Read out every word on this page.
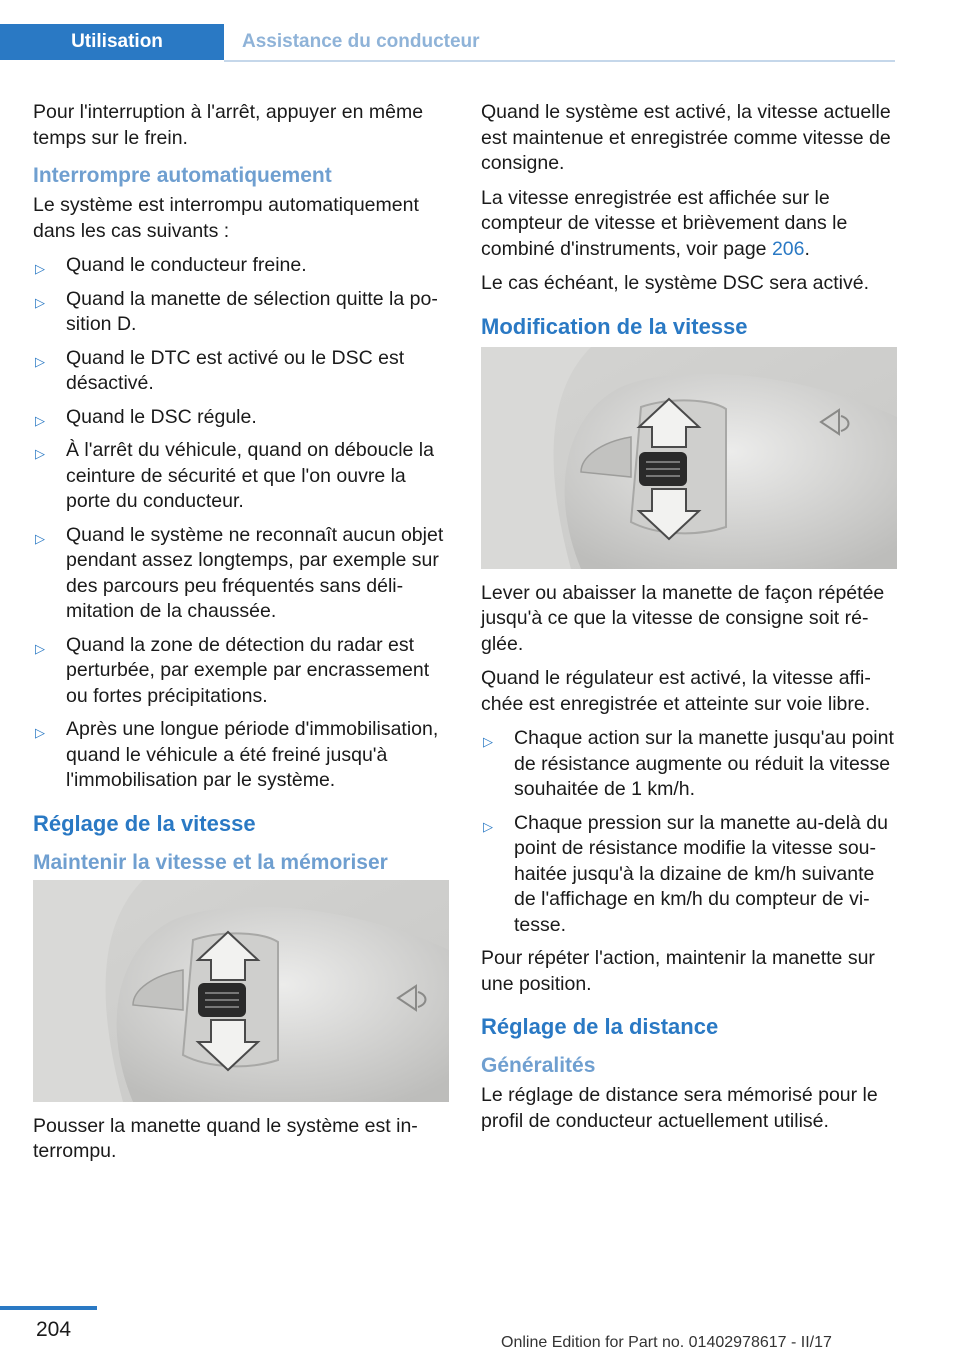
Utilisation	Assistance du conducteur

Pour l'interruption à l'arrêt, appuyer en même temps sur le frein.

Interrompre automatiquement

Le système est interrompu automatiquement dans les cas suivants :

▷ Quand le conducteur freine.
▷ Quand la manette de sélection quitte la position D.
▷ Quand le DTC est activé ou le DSC est désactivé.
▷ Quand le DSC régule.
▷ À l'arrêt du véhicule, quand on déboucle la ceinture de sécurité et que l'on ouvre la porte du conducteur.
▷ Quand le système ne reconnaît aucun objet pendant assez longtemps, par exemple sur des parcours peu fréquentés sans délimitation de la chaussée.
▷ Quand la zone de détection du radar est perturbée, par exemple par encrassement ou fortes précipitations.
▷ Après une longue période d'immobilisation, quand le véhicule a été freiné jusqu'à l'immobilisation par le système.
Réglage de la vitesse
Maintenir la vitesse et la mémoriser

Pousser la manette quand le système est interrompu.

Quand le système est activé, la vitesse actuelle est maintenue et enregistrée comme vitesse de consigne.

La vitesse enregistrée est affichée sur le compteur de vitesse et brièvement dans le combiné d'instruments, voir page 206.

Le cas échéant, le système DSC sera activé.

Modification de la vitesse

Lever ou abaisser la manette de façon répétée jusqu'à ce que la vitesse de consigne soit réglée.

Quand le régulateur est activé, la vitesse affichée est enregistrée et atteinte sur voie libre.

▷ Chaque action sur la manette jusqu'au point de résistance augmente ou réduit la vitesse souhaitée de 1 km/h.
▷ Chaque pression sur la manette au-delà du point de résistance modifie la vitesse souhaitée jusqu'à la dizaine de km/h suivante de l'affichage en km/h du compteur de vitesse.

Pour répéter l'action, maintenir la manette sur une position.

Réglage de la distance
Généralités

Le réglage de distance sera mémorisé pour le profil de conducteur actuellement utilisé.

204
Online Edition for Part no. 01402978617 - II/17
